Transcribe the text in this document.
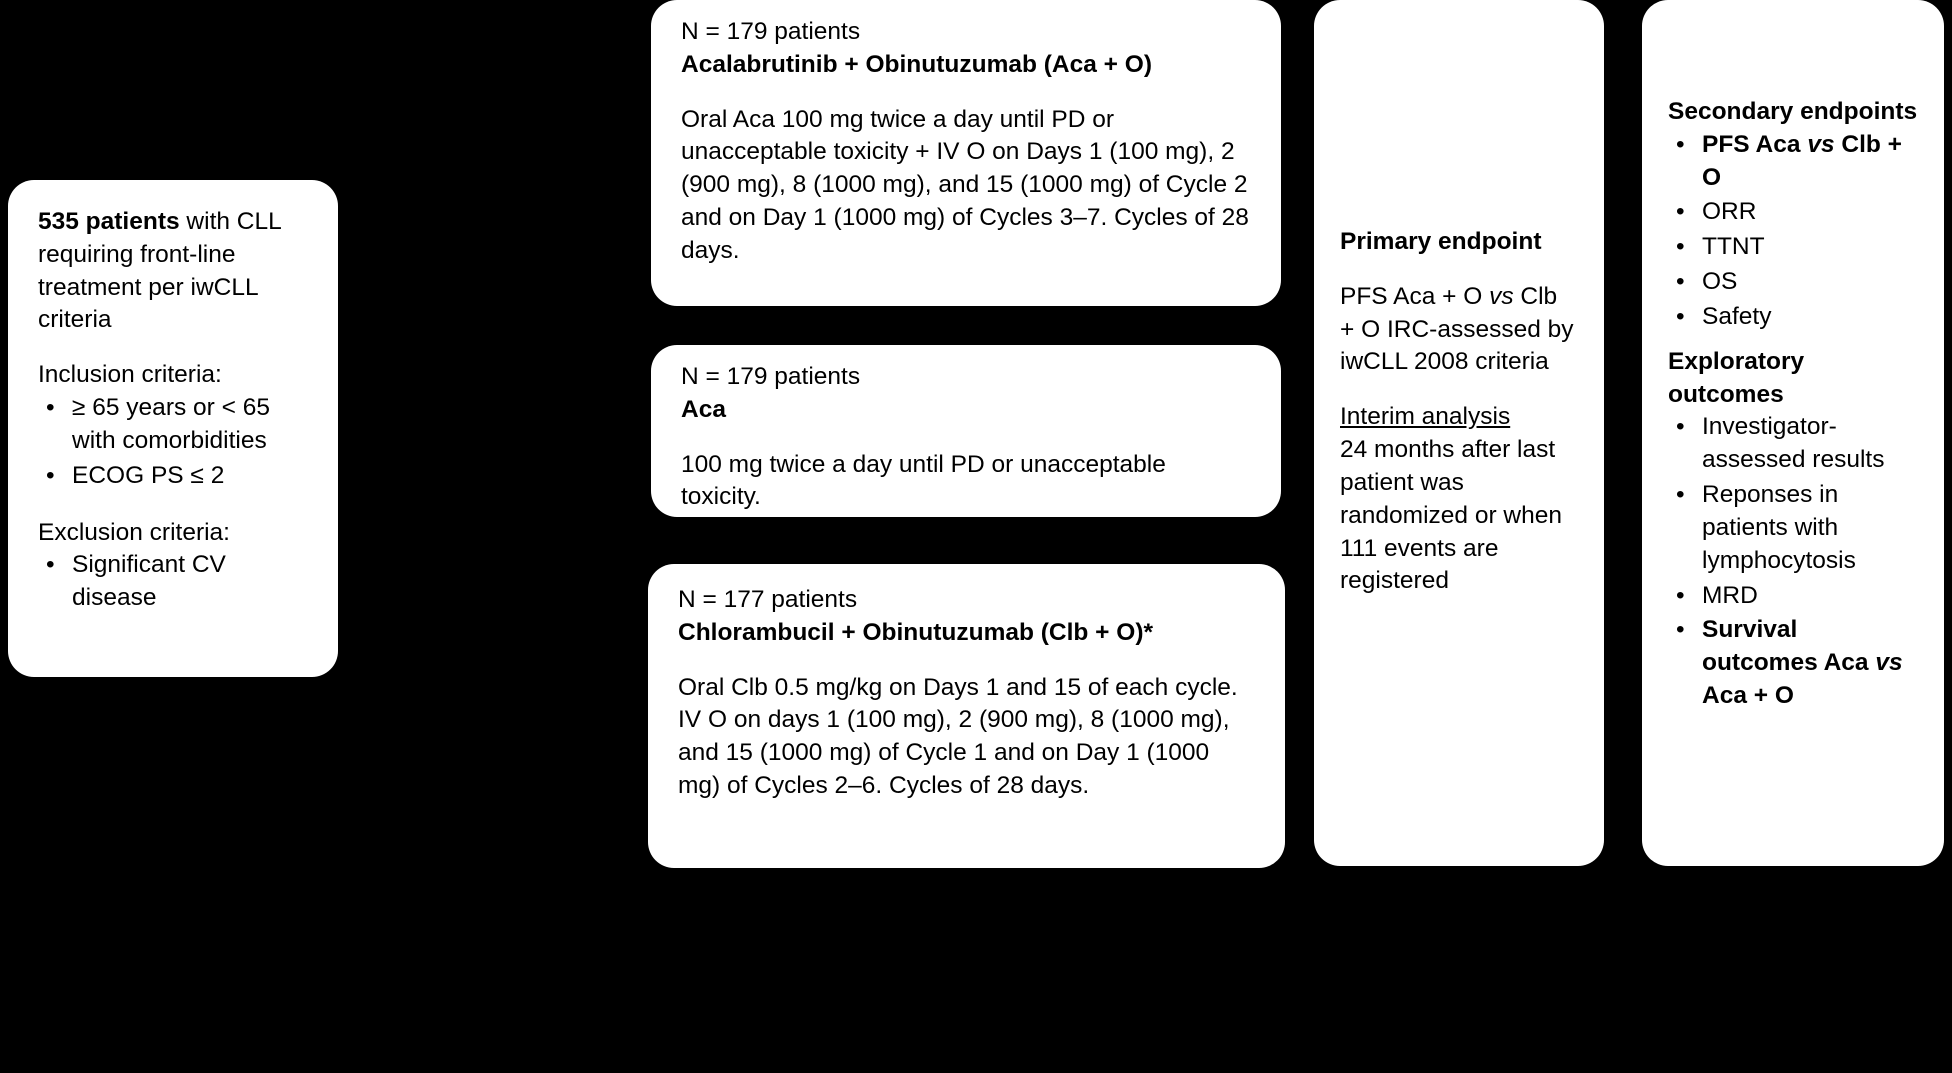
535 patients with CLL requiring front-line treatment per iwCLL criteria
Inclusion criteria:
• ≥ 65 years or < 65 with comorbidities
• ECOG PS ≤ 2
Exclusion criteria:
• Significant CV disease
N = 179 patients
Acalabrutinib + Obinutuzumab (Aca + O)
Oral Aca 100 mg twice a day until PD or unacceptable toxicity + IV O on Days 1 (100 mg), 2 (900 mg), 8 (1000 mg), and 15 (1000 mg) of Cycle 2 and on Day 1 (1000 mg) of Cycles 3–7. Cycles of 28 days.
N = 179 patients
Aca
100 mg twice a day until PD or unacceptable toxicity.
N = 177 patients
Chlorambucil + Obinutuzumab (Clb + O)*
Oral Clb 0.5 mg/kg on Days 1 and 15 of each cycle. IV O on days 1 (100 mg), 2 (900 mg), 8 (1000 mg), and 15 (1000 mg) of Cycle 1 and on Day 1 (1000 mg) of Cycles 2–6. Cycles of 28 days.
Primary endpoint
PFS Aca + O vs Clb + O IRC-assessed by iwCLL 2008 criteria
Interim analysis
24 months after last patient was randomized or when 111 events are registered
Secondary endpoints
• PFS Aca vs Clb + O
• ORR
• TTNT
• OS
• Safety
Exploratory outcomes
• Investigator-assessed results
• Reponses in patients with lymphocytosis
• MRD
• Survival outcomes Aca vs Aca + O
